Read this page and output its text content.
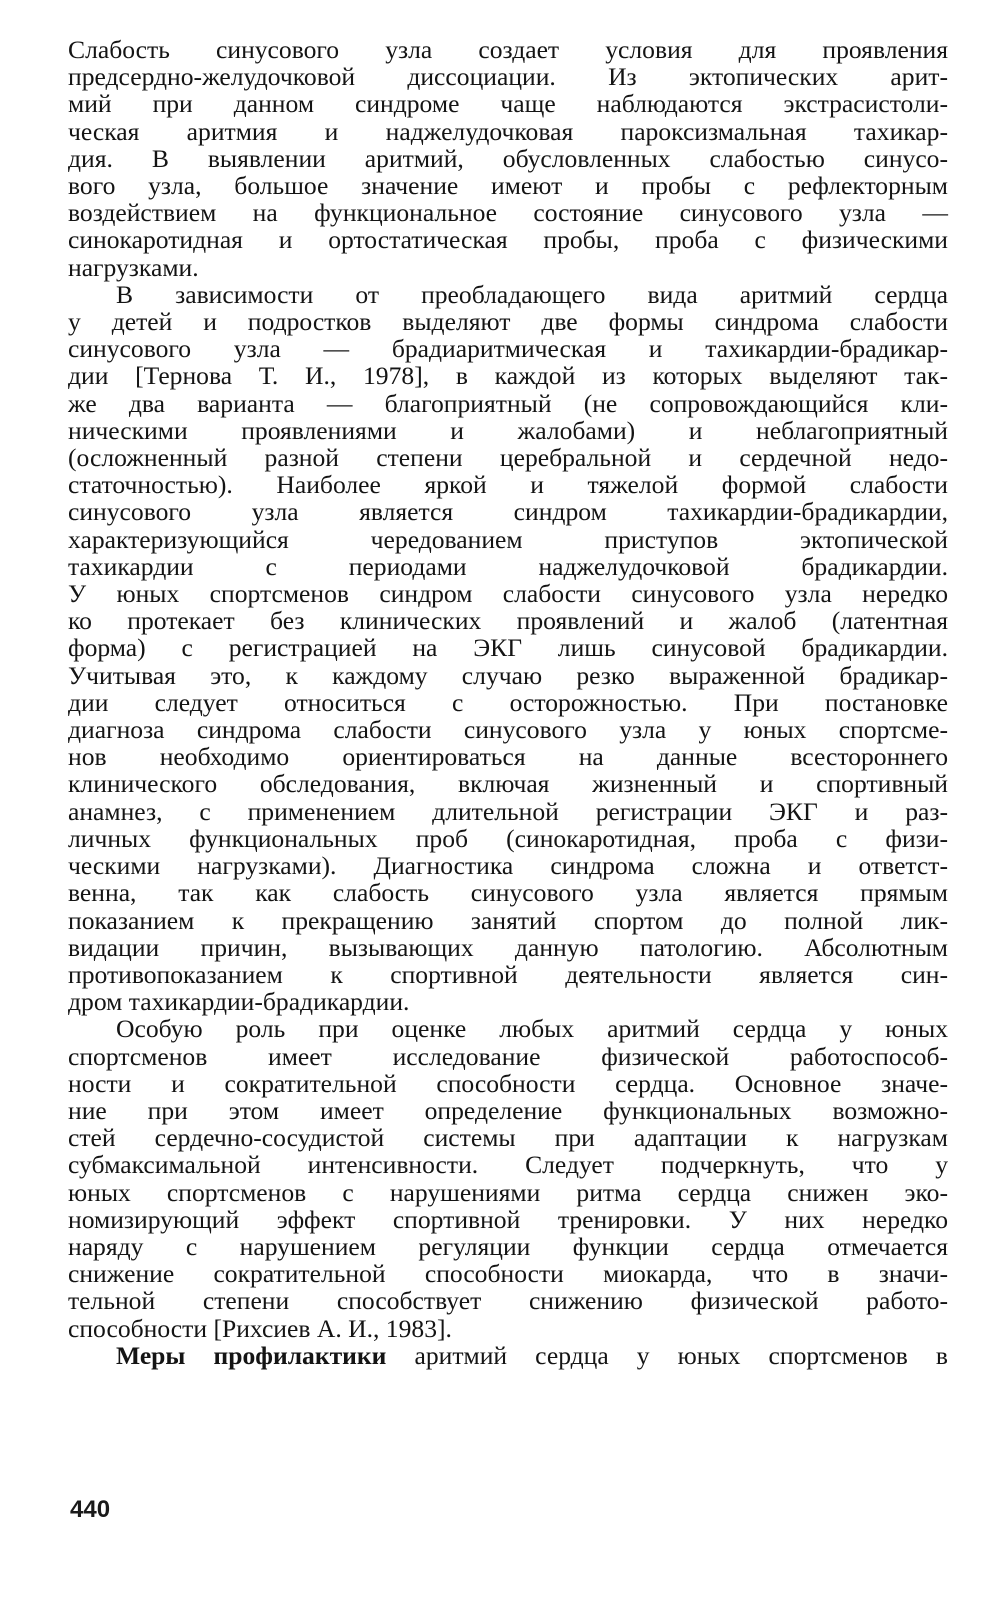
Слабость синусового узла создает условия для проявления
предсердно-желудочковой диссоциации. Из эктопических арит-
мий при данном синдроме чаще наблюдаются экстрасистоли-
ческая аритмия и наджелудочковая пароксизмальная тахикар-
дия. В выявлении аритмий, обусловленных слабостью синусо-
вого узла, большое значение имеют и пробы с рефлекторным
воздействием на функциональное состояние синусового узла —
синокаротидная и ортостатическая пробы, проба с физическими
нагрузками.

В зависимости от преобладающего вида аритмий сердца
у детей и подростков выделяют две формы синдрома слабости
синусового узла — брадиаритмическая и тахикардии-брадикар-
дии [Тернова Т. И., 1978], в каждой из которых выделяют так-
же два варианта — благоприятный (не сопровождающийся кли-
ническими проявлениями и жалобами) и неблагоприятный
(осложненный разной степени церебральной и сердечной недо-
статочностью). Наиболее яркой и тяжелой формой слабости
синусового узла является синдром тахикардии-брадикардии,
характеризующийся чередованием приступов эктопической
тахикардии с периодами наджелудочковой брадикардии.
У юных спортсменов синдром слабости синусового узла нередко
ко протекает без клинических проявлений и жалоб (латентная
форма) с регистрацией на ЭКГ лишь синусовой брадикардии.
Учитывая это, к каждому случаю резко выраженной брадикар-
дии следует относиться с осторожностью. При постановке
диагноза синдрома слабости синусового узла у юных спортсме-
нов необходимо ориентироваться на данные всестороннего
клинического обследования, включая жизненный и спортивный
анамнез, с применением длительной регистрации ЭКГ и раз-
личных функциональных проб (синокаротидная, проба с физи-
ческими нагрузками). Диагностика синдрома сложна и ответст-
венна, так как слабость синусового узла является прямым
показанием к прекращению занятий спортом до полной лик-
видации причин, вызывающих данную патологию. Абсолютным
противопоказанием к спортивной деятельности является син-
дром тахикардии-брадикардии.

Особую роль при оценке любых аритмий сердца у юных
спортсменов имеет исследование физической работоспособ-
ности и сократительной способности сердца. Основное значе-
ние при этом имеет определение функциональных возможно-
стей сердечно-сосудистой системы при адаптации к нагрузкам
субмаксимальной интенсивности. Следует подчеркнуть, что у
юных спортсменов с нарушениями ритма сердца снижен эко-
номизирующий эффект спортивной тренировки. У них нередко
наряду с нарушением регуляции функции сердца отмечается
снижение сократительной способности миокарда, что в значи-
тельной степени способствует снижению физической работо-
способности [Рихсиев А. И., 1983].

Меры профилактики аритмий сердца у юных спортсменов в

440
